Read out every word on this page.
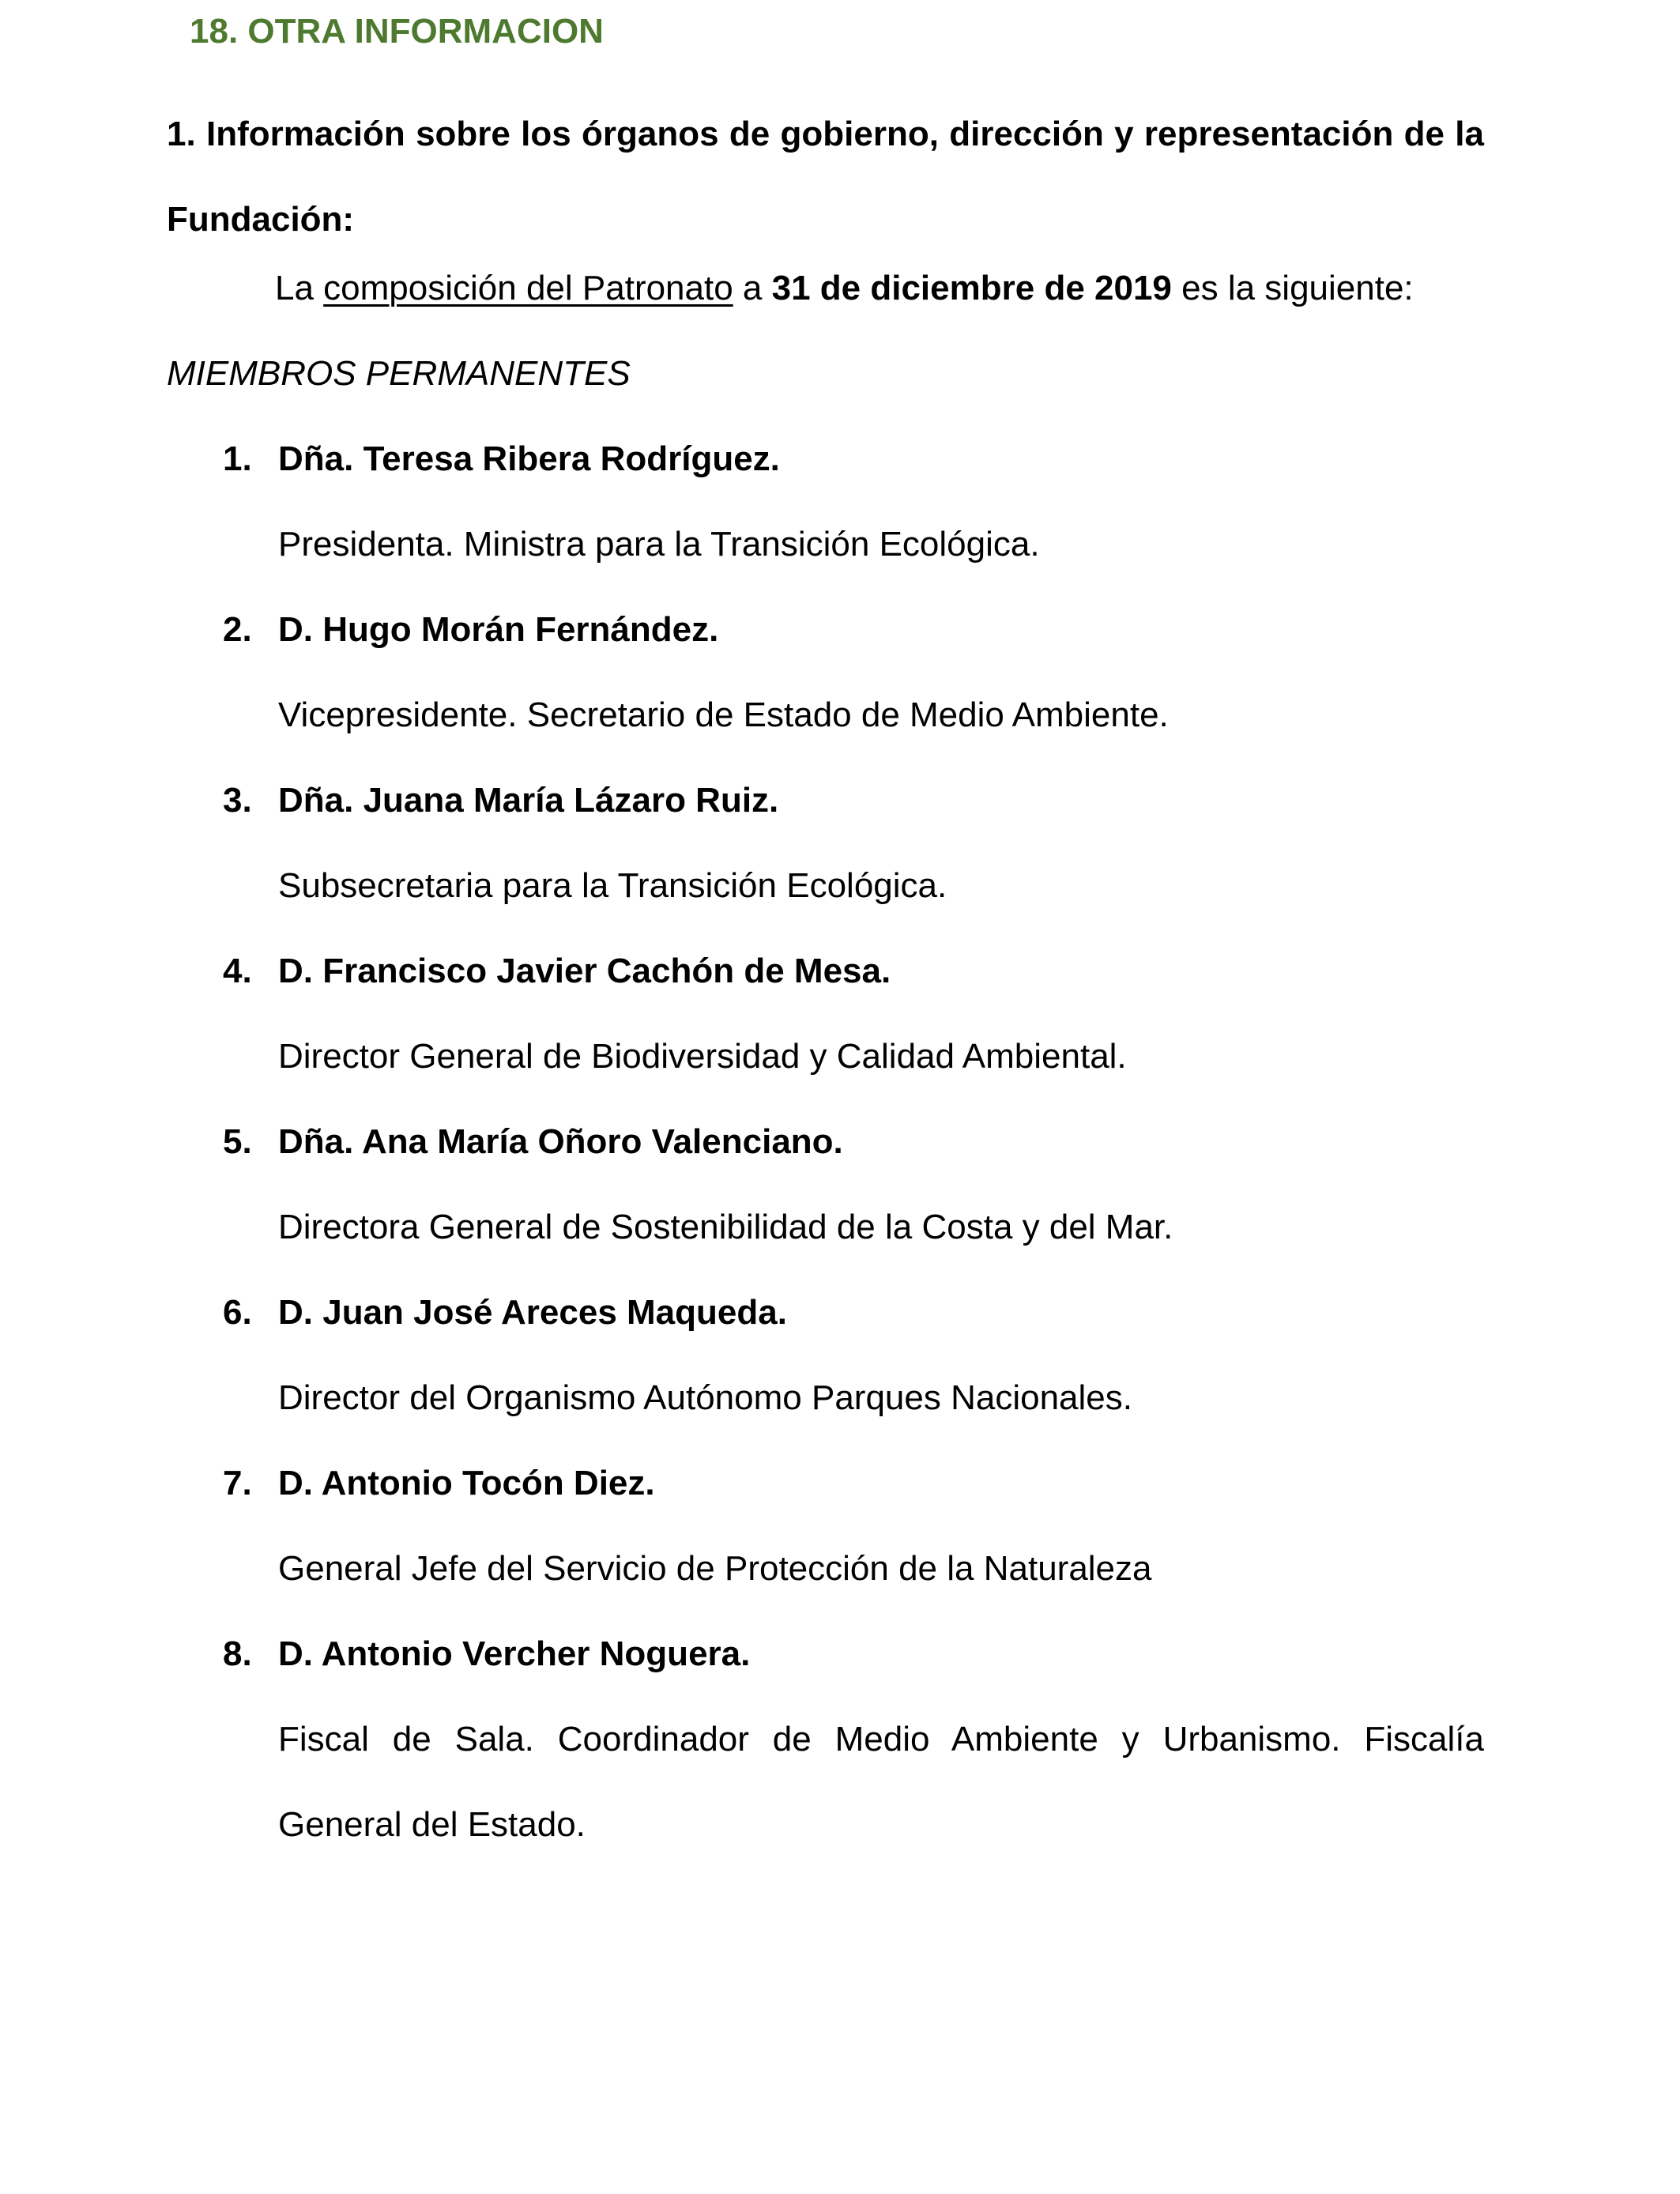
18. OTRA INFORMACION
1. Información sobre los órganos de gobierno, dirección y representación de la Fundación:
La composición del Patronato a 31 de diciembre de 2019 es la siguiente:
MIEMBROS PERMANENTES
1. Dña. Teresa Ribera Rodríguez.
Presidenta. Ministra para la Transición Ecológica.
2. D. Hugo Morán Fernández.
Vicepresidente. Secretario de Estado de Medio Ambiente.
3. Dña. Juana María Lázaro Ruiz.
Subsecretaria para la Transición Ecológica.
4. D. Francisco Javier Cachón de Mesa.
Director General de Biodiversidad y Calidad Ambiental.
5. Dña. Ana María Oñoro Valenciano.
Directora General de Sostenibilidad de la Costa y del Mar.
6. D. Juan José Areces Maqueda.
Director del Organismo Autónomo Parques Nacionales.
7. D. Antonio Tocón Diez.
General Jefe del Servicio de Protección de la Naturaleza
8. D. Antonio Vercher Noguera.
Fiscal de Sala. Coordinador de Medio Ambiente y Urbanismo. Fiscalía General del Estado.
